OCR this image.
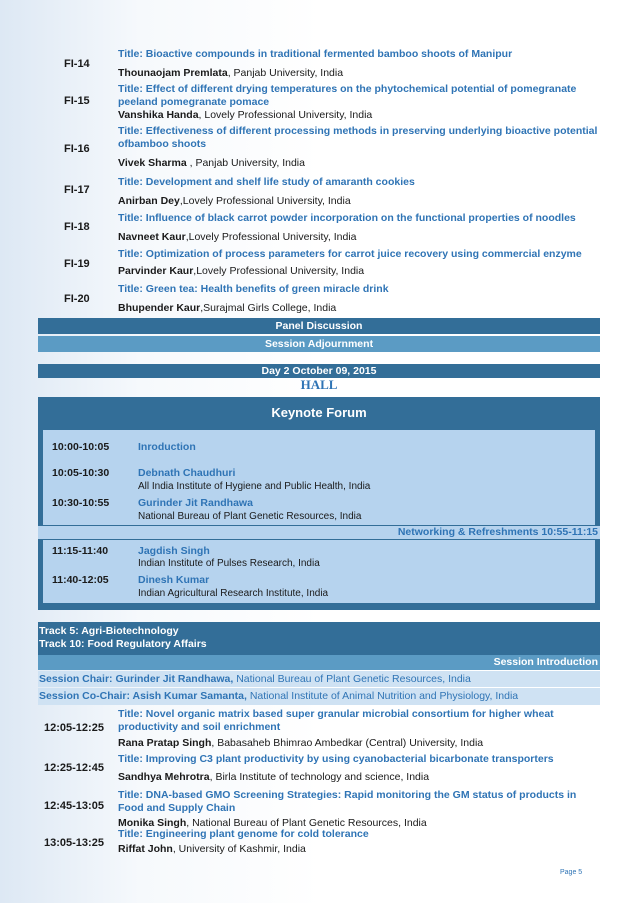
FI-14
Title: Bioactive compounds in traditional fermented bamboo shoots of Manipur
Thounaojam Premlata, Panjab University, India
FI-15
Title: Effect of different drying temperatures on the phytochemical potential of pomegranate peeland pomegranate pomace
Vanshika Handa, Lovely Professional University, India
FI-16
Title: Effectiveness of different processing methods in preserving underlying bioactive potential ofbamboo shoots
Vivek Sharma , Panjab University, India
FI-17
Title: Development and shelf life study of amaranth cookies
Anirban Dey,Lovely Professional University, India
FI-18
Title: Influence of black carrot powder incorporation on the functional properties of noodles
Navneet Kaur,Lovely Professional University, India
FI-19
Title: Optimization of process parameters for carrot juice recovery using commercial enzyme
Parvinder Kaur,Lovely Professional University, India
FI-20
Title: Green tea: Health benefits of green miracle drink
Bhupender Kaur,Surajmal Girls College, India
Panel Discussion
Session Adjournment
Day 2 October 09, 2015
HALL
Keynote Forum
Networking & Refreshments 10:55-11:15
10:00-10:05	Inroduction
10:05-10:30	Debnath Chaudhuri
All India Institute of Hygiene and Public Health, India
10:30-10:55	Gurinder Jit Randhawa
National Bureau of Plant Genetic Resources, India
11:15-11:40	Jagdish Singh
Indian Institute of Pulses Research, India
11:40-12:05	Dinesh Kumar
Indian Agricultural Research Institute, India
Track 5: Agri-Biotechnology
Track 10: Food Regulatory Affairs
Session Introduction
Session Chair: Gurinder Jit Randhawa, National Bureau of Plant Genetic Resources, India
Session Co-Chair: Asish Kumar Samanta, National Institute of Animal Nutrition and Physiology, India
12:05-12:25
Title: Novel organic matrix based super granular microbial consortium for higher wheat productivity and soil enrichment
Rana Pratap Singh, Babasaheb Bhimrao Ambedkar (Central) University, India
12:25-12:45
Title: Improving C3 plant productivity by using cyanobacterial bicarbonate transporters
Sandhya Mehrotra, Birla Institute of technology and science, India
12:45-13:05
Title: DNA-based GMO Screening Strategies: Rapid monitoring the GM status of products in Food and Supply Chain
Monika Singh, National Bureau of Plant Genetic Resources, India
13:05-13:25
Title: Engineering plant genome for cold tolerance
Riffat John, University of Kashmir, India
Page 5
